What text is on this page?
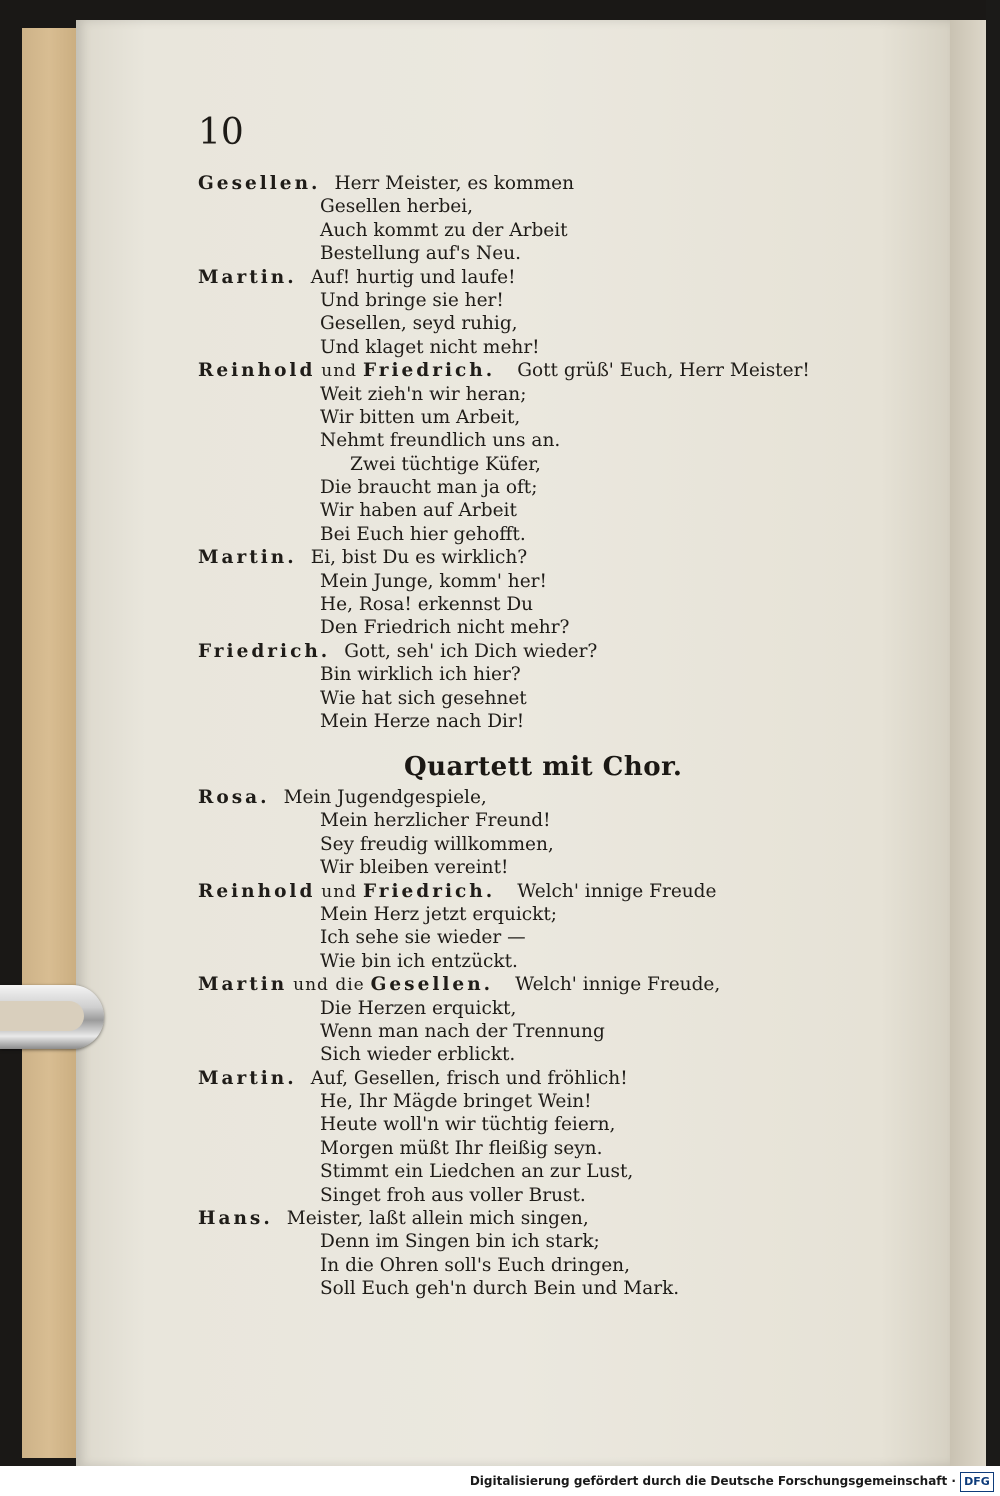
10
Gesellen. Herr Meister, es kommen
Gesellen herbei,
Auch kommt zu der Arbeit
Bestellung auf's Neu.
Martin. Auf! hurtig und laufe!
Und bringe sie her!
Gesellen, seyd ruhig,
Und klaget nicht mehr!
Reinhold und Friedrich. Gott grüß' Euch, Herr Meister!
Weit zieh'n wir heran;
Wir bitten um Arbeit,
Nehmt freundlich uns an.
Zwei tüchtige Küfer,
Die braucht man ja oft;
Wir haben auf Arbeit
Bei Euch hier gehofft.
Martin. Ei, bist Du es wirklich?
Mein Junge, komm' her!
He, Rosa! erkennst Du
Den Friedrich nicht mehr?
Friedrich. Gott, seh' ich Dich wieder?
Bin wirklich ich hier?
Wie hat sich gesehnet
Mein Herze nach Dir!
Quartett mit Chor.
Rosa. Mein Jugendgespiele,
Mein herzlicher Freund!
Sey freudig willkommen,
Wir bleiben vereint!
Reinhold und Friedrich. Welch' innige Freude
Mein Herz jetzt erquickt;
Ich sehe sie wieder —
Wie bin ich entzückt.
Martin und die Gesellen. Welch' innige Freude,
Die Herzen erquickt,
Wenn man nach der Trennung
Sich wieder erblickt.
Martin. Auf, Gesellen, frisch und fröhlich!
He, Ihr Mägde bringet Wein!
Heute woll'n wir tüchtig feiern,
Morgen müßt Ihr fleißig seyn.
Stimmt ein Liedchen an zur Lust,
Singet froh aus voller Brust.
Hans. Meister, laßt allein mich singen,
Denn im Singen bin ich stark;
In die Ohren soll's Euch dringen,
Soll Euch geh'n durch Bein und Mark.
Digitalisierung gefördert durch die Deutsche Forschungsgemeinschaft · DFG
